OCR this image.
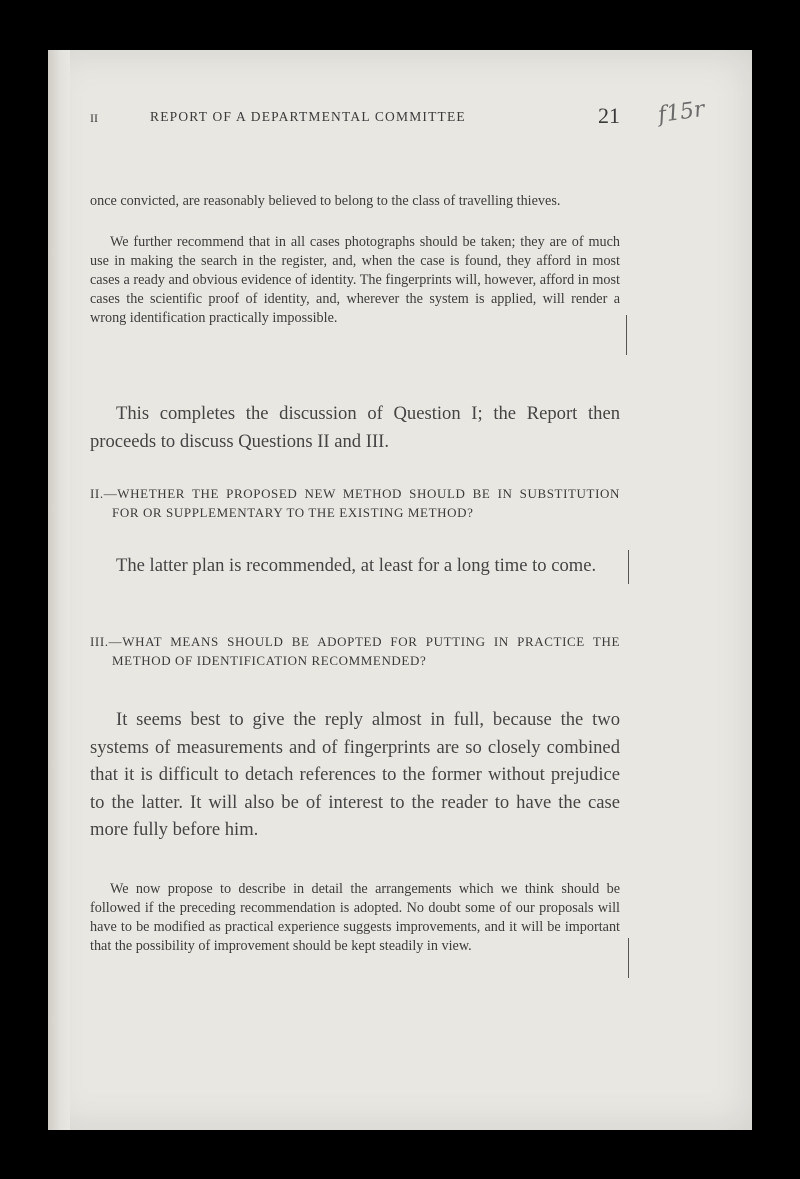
f15r
II	REPORT OF A DEPARTMENTAL COMMITTEE	21

once convicted, are reasonably believed to belong to the class of travelling thieves.

We further recommend that in all cases photographs should be taken; they are of much use in making the search in the register, and, when the case is found, they afford in most cases a ready and obvious evidence of identity. The fingerprints will, however, afford in most cases the scientific proof of identity, and, wherever the system is applied, will render a wrong identification practically impossible.

This completes the discussion of Question I; the Report then proceeds to discuss Questions II and III.

II.—WHETHER THE PROPOSED NEW METHOD SHOULD BE IN SUBSTITUTION FOR OR SUPPLEMENTARY TO THE EXISTING METHOD?

The latter plan is recommended, at least for a long time to come.

III.—WHAT MEANS SHOULD BE ADOPTED FOR PUTTING IN PRACTICE THE METHOD OF IDENTIFICATION RECOMMENDED?

It seems best to give the reply almost in full, because the two systems of measurements and of fingerprints are so closely combined that it is difficult to detach references to the former without prejudice to the latter. It will also be of interest to the reader to have the case more fully before him.

We now propose to describe in detail the arrangements which we think should be followed if the preceding recommendation is adopted. No doubt some of our proposals will have to be modified as practical experience suggests improvements, and it will be important that the possibility of improvement should be kept steadily in view.
